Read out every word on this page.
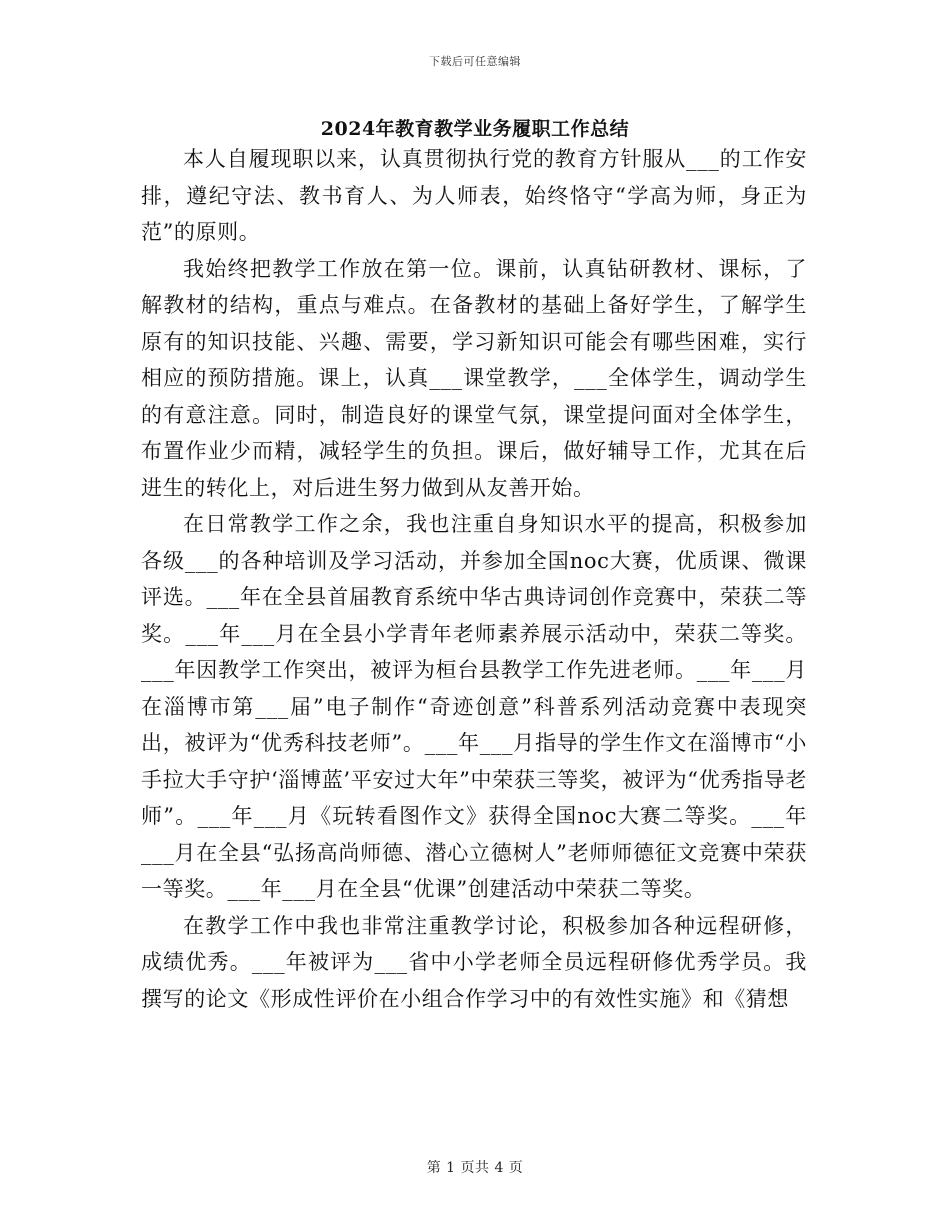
下载后可任意编辑
2024年教育教学业务履职工作总结

本人自履现职以来，认真贯彻执行党的教育方针服从___的工作安排，遵纪守法、教书育人、为人师表，始终恪守“学高为师，身正为范”的原则。

我始终把教学工作放在第一位。课前，认真钻研教材、课标，了解教材的结构，重点与难点。在备教材的基础上备好学生，了解学生原有的知识技能、兴趣、需要，学习新知识可能会有哪些困难，实行相应的预防措施。课上，认真___课堂教学，___全体学生，调动学生的有意注意。同时，制造良好的课堂气氛，课堂提问面对全体学生，布置作业少而精，减轻学生的负担。课后，做好辅导工作，尤其在后进生的转化上，对后进生努力做到从友善开始。

在日常教学工作之余，我也注重自身知识水平的提高，积极参加各级___的各种培训及学习活动，并参加全国noc大赛，优质课、微课评选。___年在全县首届教育系统中华古典诗词创作竞赛中，荣获二等奖。___年___月在全县小学青年老师素养展示活动中，荣获二等奖。___年因教学工作突出，被评为桓台县教学工作先进老师。___年___月在淄博市第___届”电子制作“奇迹创意”科普系列活动竞赛中表现突出，被评为“优秀科技老师”。___年___月指导的学生作文在淄博市“小手拉大手守护‘淄博蓝’平安过大年”中荣获三等奖，被评为“优秀指导老师”。___年___月《玩转看图作文》获得全国noc大赛二等奖。___年___月在全县“弘扬高尚师德、潜心立德树人”老师师德征文竞赛中荣获一等奖。___年___月在全县“优课”创建活动中荣获二等奖。

在教学工作中我也非常注重教学讨论，积极参加各种远程研修，成绩优秀。___年被评为___省中小学老师全员远程研修优秀学员。我撰写的论文《形成性评价在小组合作学习中的有效性实施》和《猜想

第 1 页共 4 页
